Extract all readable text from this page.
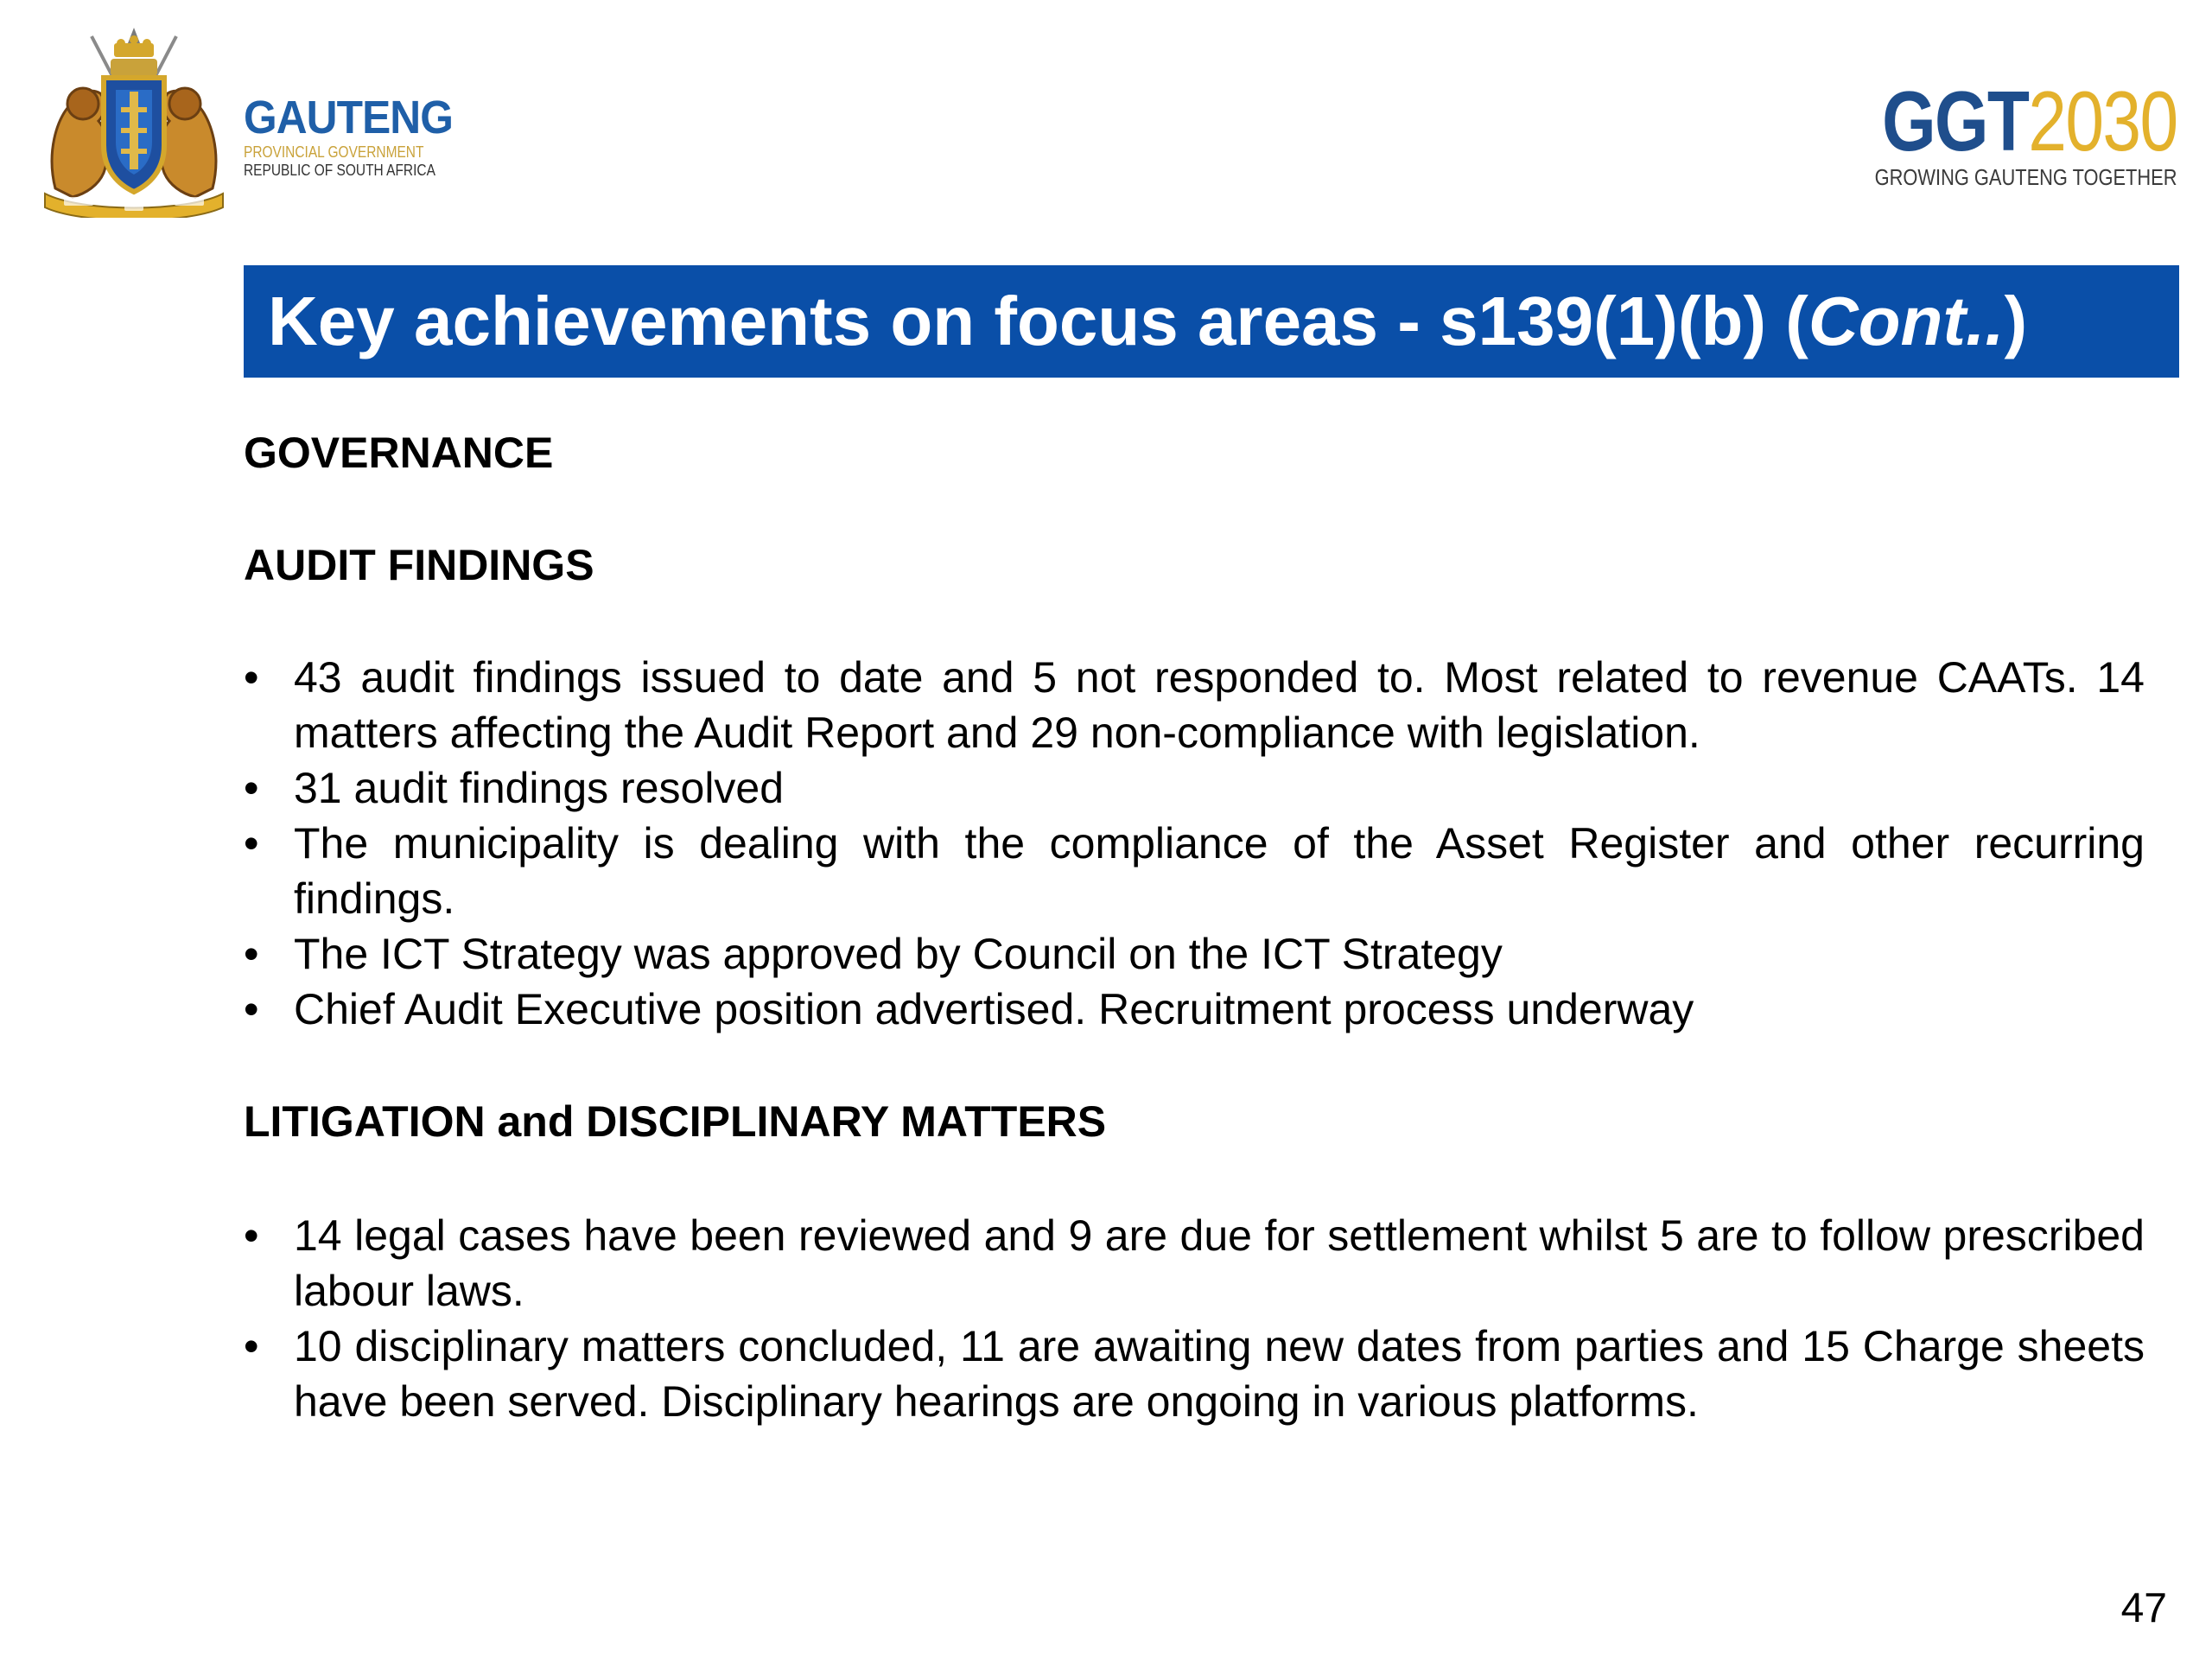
GAUTENG
PROVINCIAL GOVERNMENT
REPUBLIC OF SOUTH AFRICA
GGT2030
GROWING GAUTENG TOGETHER
Key achievements on focus areas - s139(1)(b) (Cont..)
GOVERNANCE
AUDIT FINDINGS
• 43 audit findings issued to date and 5 not responded to. Most related to revenue CAATs. 14 matters affecting the Audit Report and 29 non-compliance with legislation.
• 31 audit findings resolved
• The municipality is dealing with the compliance of the Asset Register and other recurring findings.
• The ICT Strategy was approved by Council on the ICT Strategy
• Chief Audit Executive position advertised. Recruitment process underway
LITIGATION and DISCIPLINARY MATTERS
• 14 legal cases have been reviewed and 9 are due for settlement whilst 5 are to follow prescribed labour laws.
• 10 disciplinary matters concluded, 11 are awaiting new dates from parties and 15 Charge sheets have been served. Disciplinary hearings are ongoing in various platforms.
47
